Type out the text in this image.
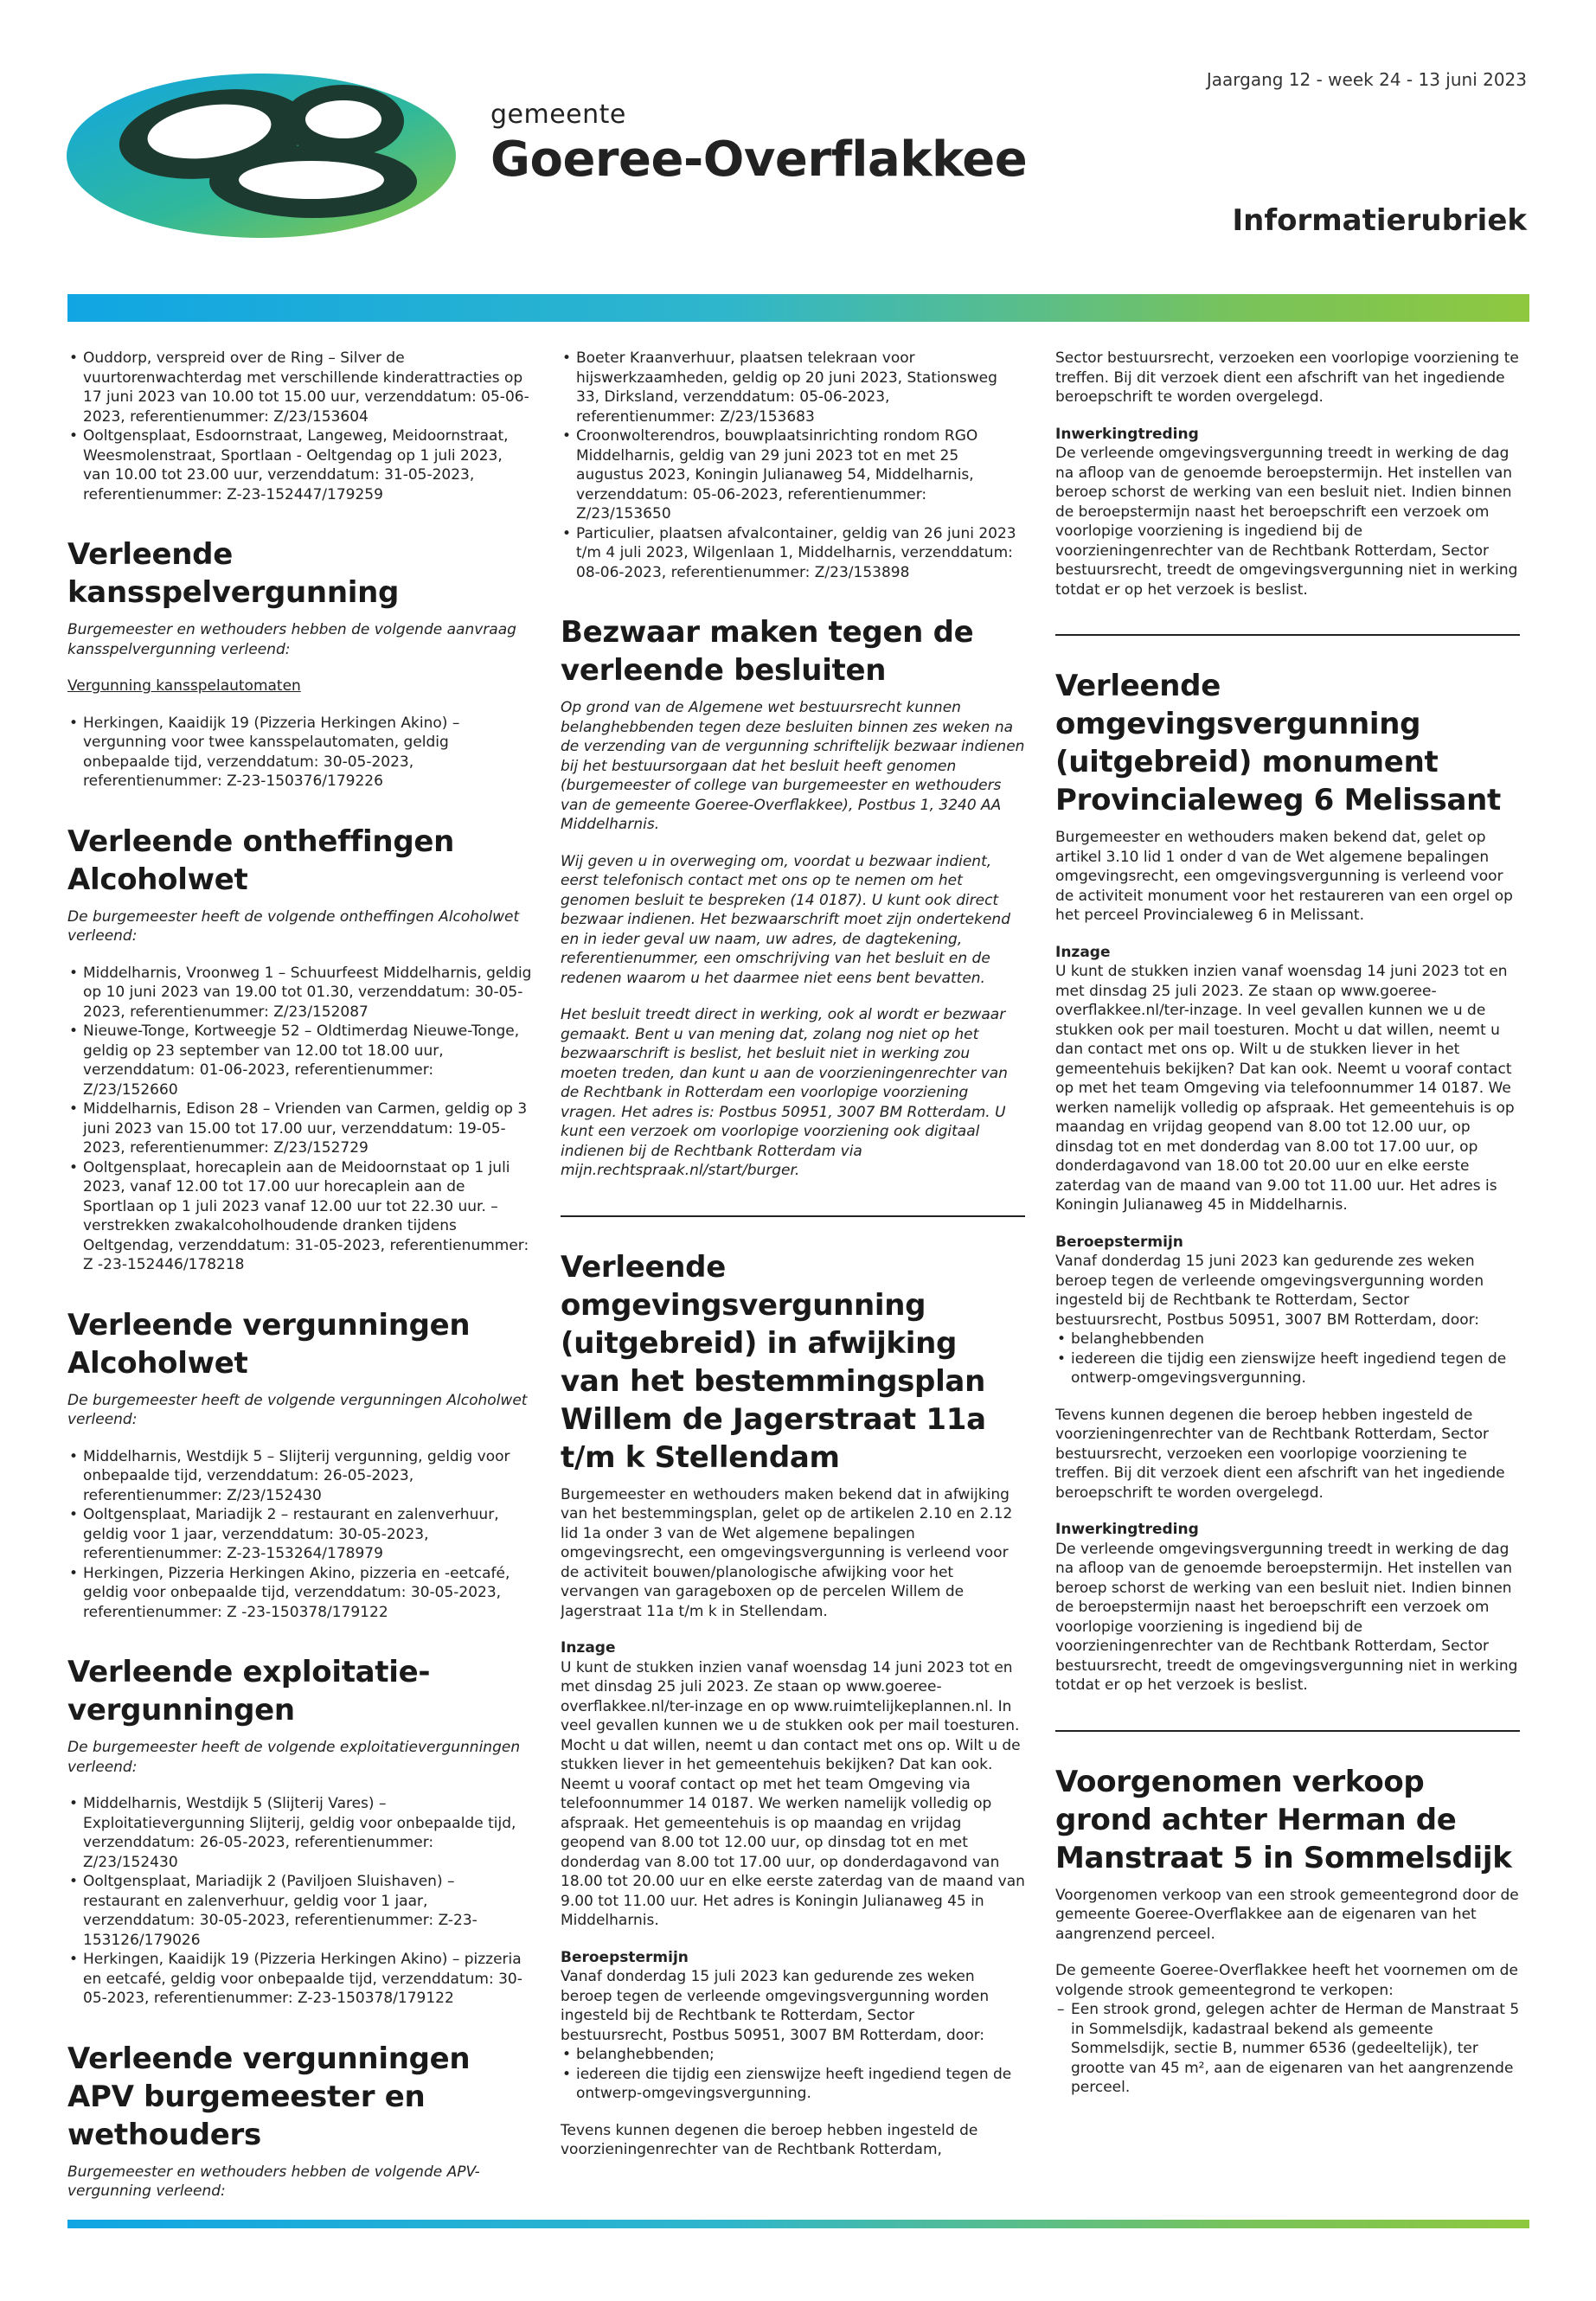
gemeente
Goeree-Overflakkee
Jaargang 12 - week 24 - 13 juni 2023
Informatierubriek
• Ouddorp, verspreid over de Ring – Silver de vuurtorenwachterdag met verschillende kinderattracties op 17 juni 2023 van 10.00 tot 15.00 uur, verzenddatum: 05-06-2023, referentienummer: Z/23/153604
• Ooltgensplaat, Esdoornstraat, Langeweg, Meidoornstraat, Weesmolenstraat, Sportlaan - Oeltgendag op 1 juli 2023, van 10.00 tot 23.00 uur, verzenddatum: 31-05-2023, referentienummer: Z-23-152447/179259
Verleende kansspelvergunning
Burgemeester en wethouders hebben de volgende aanvraag kansspelvergunning verleend:
Vergunning kansspelautomaten
• Herkingen, Kaaidijk 19 (Pizzeria Herkingen Akino) – vergunning voor twee kansspelautomaten, geldig onbepaalde tijd, verzenddatum: 30-05-2023, referentienummer: Z-23-150376/179226
Verleende ontheffingen Alcoholwet
De burgemeester heeft de volgende ontheffingen Alcoholwet verleend:
• Middelharnis, Vroonweg 1 – Schuurfeest Middelharnis, geldig op 10 juni 2023 van 19.00 tot 01.30, verzenddatum: 30-05-2023, referentienummer: Z/23/152087
• Nieuwe-Tonge, Kortweegje 52 – Oldtimerdag Nieuwe-Tonge, geldig op 23 september van 12.00 tot 18.00 uur, verzenddatum: 01-06-2023, referentienummer: Z/23/152660
• Middelharnis, Edison 28 – Vrienden van Carmen, geldig op 3 juni 2023 van 15.00 tot 17.00 uur, verzenddatum: 19-05-2023, referentienummer: Z/23/152729
• Ooltgensplaat, horecaplein aan de Meidoornstaat op 1 juli 2023, vanaf 12.00 tot 17.00 uur horecaplein aan de Sportlaan op 1 juli 2023 vanaf 12.00 uur tot 22.30 uur. – verstrekken zwakalcoholhoudende dranken tijdens Oeltgendag, verzenddatum: 31-05-2023, referentienummer: Z -23-152446/178218
Verleende vergunningen Alcoholwet
De burgemeester heeft de volgende vergunningen Alcoholwet verleend:
• Middelharnis, Westdijk 5 – Slijterij vergunning, geldig voor onbepaalde tijd, verzenddatum: 26-05-2023, referentienummer: Z/23/152430
• Ooltgensplaat, Mariadijk 2 – restaurant en zalenverhuur, geldig voor 1 jaar, verzenddatum: 30-05-2023, referentienummer: Z-23-153264/178979
• Herkingen, Pizzeria Herkingen Akino, pizzeria en -eetcafé, geldig voor onbepaalde tijd, verzenddatum: 30-05-2023, referentienummer: Z -23-150378/179122
Verleende exploitatievergunningen
De burgemeester heeft de volgende exploitatievergunningen verleend:
• Middelharnis, Westdijk 5 (Slijterij Vares) – Exploitatievergunning Slijterij, geldig voor onbepaalde tijd, verzenddatum: 26-05-2023, referentienummer: Z/23/152430
• Ooltgensplaat, Mariadijk 2 (Paviljoen Sluishaven) – restaurant en zalenverhuur, geldig voor 1 jaar, verzenddatum: 30-05-2023, referentienummer: Z-23-153126/179026
• Herkingen, Kaaidijk 19 (Pizzeria Herkingen Akino) – pizzeria en eetcafé, geldig voor onbepaalde tijd, verzenddatum: 30-05-2023, referentienummer: Z-23-150378/179122
Verleende vergunningen APV burgemeester en wethouders
Burgemeester en wethouders hebben de volgende APV-vergunning verleend:
• Boeter Kraanverhuur, plaatsen telekraan voor hijswerkzaamheden, geldig op 20 juni 2023, Stationsweg 33, Dirksland, verzenddatum: 05-06-2023, referentienummer: Z/23/153683
• Croonwolterendros, bouwplaatsinrichting rondom RGO Middelharnis, geldig van 29 juni 2023 tot en met 25 augustus 2023, Koningin Julianaweg 54, Middelharnis, verzenddatum: 05-06-2023, referentienummer: Z/23/153650
• Particulier, plaatsen afvalcontainer, geldig van 26 juni 2023 t/m 4 juli 2023, Wilgenlaan 1, Middelharnis, verzenddatum: 08-06-2023, referentienummer: Z/23/153898
Bezwaar maken tegen de verleende besluiten
Op grond van de Algemene wet bestuursrecht kunnen belanghebbenden tegen deze besluiten binnen zes weken na de verzending van de vergunning schriftelijk bezwaar indienen bij het bestuursorgaan dat het besluit heeft genomen (burgemeester of college van burgemeester en wethouders van de gemeente Goeree-Overflakkee), Postbus 1, 3240 AA Middelharnis.
Wij geven u in overweging om, voordat u bezwaar indient, eerst telefonisch contact met ons op te nemen om het genomen besluit te bespreken (14 0187). U kunt ook direct bezwaar indienen. Het bezwaarschrift moet zijn ondertekend en in ieder geval uw naam, uw adres, de dagtekening, referentienummer, een omschrijving van het besluit en de redenen waarom u het daarmee niet eens bent bevatten.
Het besluit treedt direct in werking, ook al wordt er bezwaar gemaakt. Bent u van mening dat, zolang nog niet op het bezwaarschrift is beslist, het besluit niet in werking zou moeten treden, dan kunt u aan de voorzieningenrechter van de Rechtbank in Rotterdam een voorlopige voorziening vragen. Het adres is: Postbus 50951, 3007 BM Rotterdam. U kunt een verzoek om voorlopige voorziening ook digitaal indienen bij de Rechtbank Rotterdam via mijn.rechtspraak.nl/start/burger.
Verleende omgevingsvergunning (uitgebreid) in afwijking van het bestemmingsplan Willem de Jagerstraat 11a t/m k Stellendam

Burgemeester en wethouders maken bekend dat in afwijking van het bestemmingsplan, gelet op de artikelen 2.10 en 2.12 lid 1a onder 3 van de Wet algemene bepalingen omgevingsrecht, een omgevingsvergunning is verleend voor de activiteit bouwen/planologische afwijking voor het vervangen van garageboxen op de percelen Willem de Jagerstraat 11a t/m k in Stellendam.

Inzage

U kunt de stukken inzien vanaf woensdag 14 juni 2023 tot en met dinsdag 25 juli 2023. Ze staan op www.goeree-overflakkee.nl/ter-inzage en op www.ruimtelijkeplannen.nl. In veel gevallen kunnen we u de stukken ook per mail toesturen. Mocht u dat willen, neemt u dan contact met ons op. Wilt u de stukken liever in het gemeentehuis bekijken? Dat kan ook. Neemt u vooraf contact op met het team Omgeving via telefoonnummer 14 0187. We werken namelijk volledig op afspraak. Het gemeentehuis is op maandag en vrijdag geopend van 8.00 tot 12.00 uur, op dinsdag tot en met donderdag van 8.00 tot 17.00 uur, op donderdagavond van 18.00 tot 20.00 uur en elke eerste zaterdag van de maand van 9.00 tot 11.00 uur. Het adres is Koningin Julianaweg 45 in Middelharnis.

Beroepstermijn
Vanaf donderdag 15 juli 2023 kan gedurende zes weken beroep tegen de verleende omgevingsvergunning worden ingesteld bij de Rechtbank te Rotterdam, Sector bestuursrecht, Postbus 50951, 3007 BM Rotterdam, door:
• belanghebbenden;
• iedereen die tijdig een zienswijze heeft ingediend tegen de ontwerp-omgevingsvergunning.

Tevens kunnen degenen die beroep hebben ingesteld de voorzieningenrechter van de Rechtbank Rotterdam,

Sector bestuursrecht, verzoeken een voorlopige voorziening te treffen. Bij dit verzoek dient een afschrift van het ingediende beroepschrift te worden overgelegd.

Inwerkingtreding

De verleende omgevingsvergunning treedt in werking de dag na afloop van de genoemde beroepstermijn. Het instellen van beroep schorst de werking van een besluit niet. Indien binnen de beroepstermijn naast het beroepschrift een verzoek om voorlopige voorziening is ingediend bij de voorzieningenrechter van de Rechtbank Rotterdam, Sector bestuursrecht, treedt de omgevingsvergunning niet in werking totdat er op het verzoek is beslist.

Verleende omgevingsvergunning (uitgebreid) monument Provincialeweg 6 Melissant

Burgemeester en wethouders maken bekend dat, gelet op artikel 3.10 lid 1 onder d van de Wet algemene bepalingen omgevingsrecht, een omgevingsvergunning is verleend voor de activiteit monument voor het restaureren van een orgel op het perceel Provincialeweg 6 in Melissant.

Inzage

U kunt de stukken inzien vanaf woensdag 14 juni 2023 tot en met dinsdag 25 juli 2023. Ze staan op www.goeree-overflakkee.nl/ter-inzage. In veel gevallen kunnen we u de stukken ook per mail toesturen. Mocht u dat willen, neemt u dan contact met ons op. Wilt u de stukken liever in het gemeentehuis bekijken? Dat kan ook. Neemt u vooraf contact op met het team Omgeving via telefoonnummer 14 0187. We werken namelijk volledig op afspraak. Het gemeentehuis is op maandag en vrijdag geopend van 8.00 tot 12.00 uur, op dinsdag tot en met donderdag van 8.00 tot 17.00 uur, op donderdagavond van 18.00 tot 20.00 uur en elke eerste zaterdag van de maand van 9.00 tot 11.00 uur. Het adres is Koningin Julianaweg 45 in Middelharnis.

Beroepstermijn
Vanaf donderdag 15 juni 2023 kan gedurende zes weken beroep tegen de verleende omgevingsvergunning worden ingesteld bij de Rechtbank te Rotterdam, Sector bestuursrecht, Postbus 50951, 3007 BM Rotterdam, door:
• belanghebbenden
• iedereen die tijdig een zienswijze heeft ingediend tegen de ontwerp-omgevingsvergunning.

Tevens kunnen degenen die beroep hebben ingesteld de voorzieningenrechter van de Rechtbank Rotterdam, Sector bestuursrecht, verzoeken een voorlopige voorziening te treffen. Bij dit verzoek dient een afschrift van het ingediende beroepschrift te worden overgelegd.

Inwerkingtreding

De verleende omgevingsvergunning treedt in werking de dag na afloop van de genoemde beroepstermijn. Het instellen van beroep schorst de werking van een besluit niet. Indien binnen de beroepstermijn naast het beroepschrift een verzoek om voorlopige voorziening is ingediend bij de voorzieningenrechter van de Rechtbank Rotterdam, Sector bestuursrecht, treedt de omgevingsvergunning niet in werking totdat er op het verzoek is beslist.

Voorgenomen verkoop grond achter Herman de Manstraat 5 in Sommelsdijk

Voorgenomen verkoop van een strook gemeentegrond door de gemeente Goeree-Overflakkee aan de eigenaren van het aangrenzend perceel.

De gemeente Goeree-Overflakkee heeft het voornemen om de volgende strook gemeentegrond te verkopen:
– Een strook grond, gelegen achter de Herman de Manstraat 5 in Sommelsdijk, kadastraal bekend als gemeente Sommelsdijk, sectie B, nummer 6536 (gedeeltelijk), ter grootte van 45 m², aan de eigenaren van het aangrenzende perceel.
